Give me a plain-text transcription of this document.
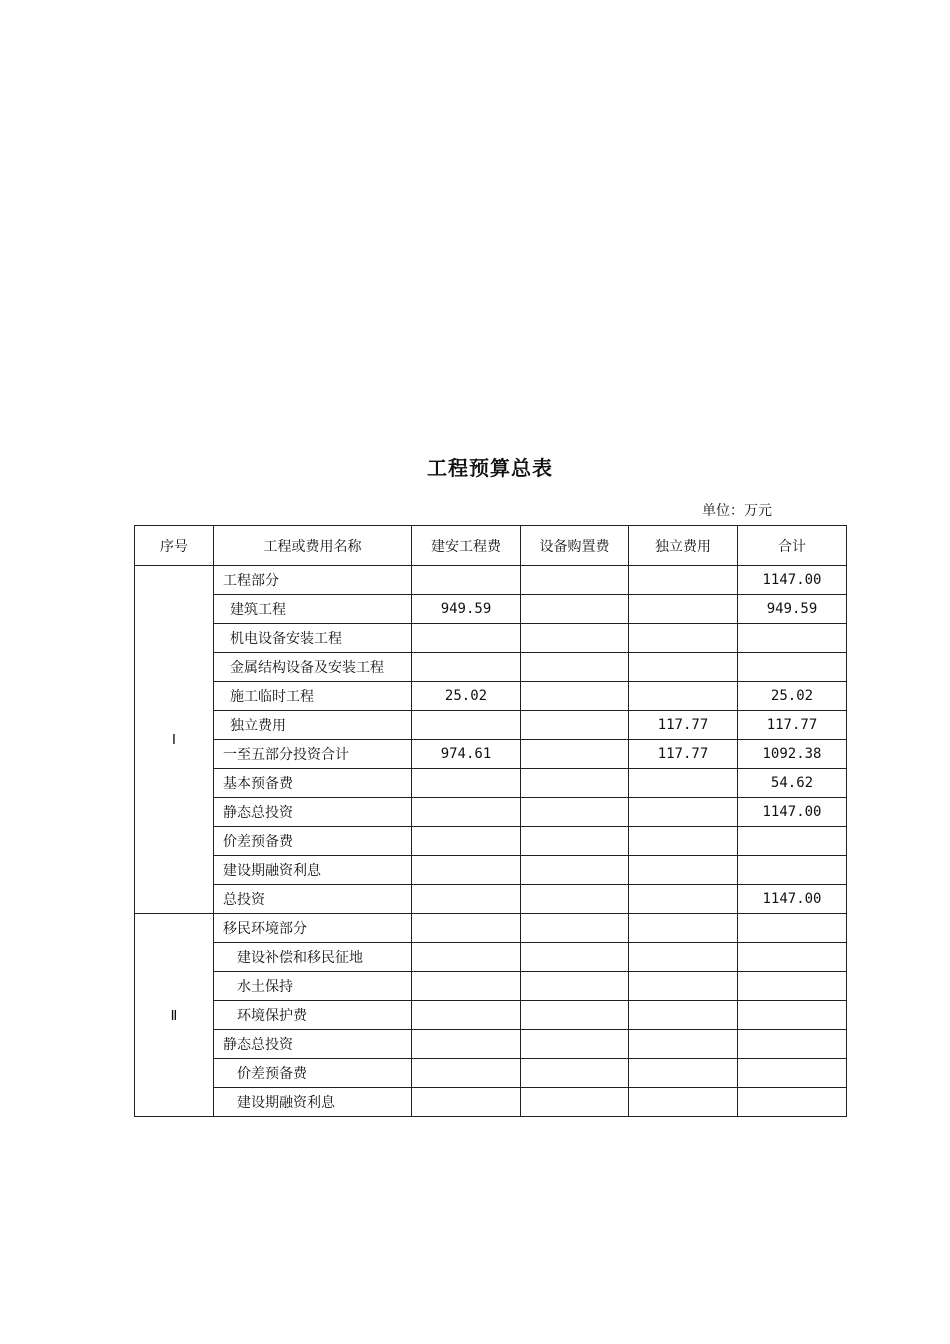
工程预算总表
单位：万元
序号	工程或费用名称	建安工程费	设备购置费	独立费用	合计
Ⅰ	工程部分				1147.00
	建筑工程	949.59			949.59
	机电设备安装工程				
	金属结构设备及安装工程				
	施工临时工程	25.02			25.02
	独立费用			117.77	117.77
	一至五部分投资合计	974.61		117.77	1092.38
	基本预备费				54.62
	静态总投资				1147.00
	价差预备费				
	建设期融资利息				
	总投资				1147.00
Ⅱ	移民环境部分				
	建设补偿和移民征地				
	水土保持				
	环境保护费				
	静态总投资				
	价差预备费				
	建设期融资利息				
